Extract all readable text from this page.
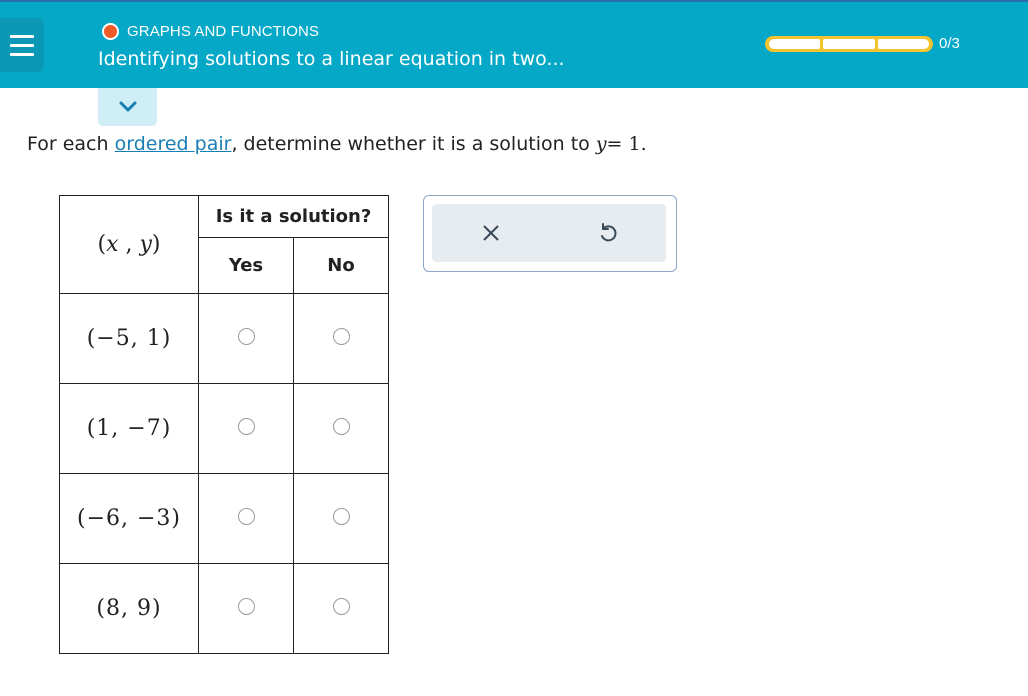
GRAPHS AND FUNCTIONS
Identifying solutions to a linear equation in two...
0/3
For each ordered pair, determine whether it is a solution to y= 1.
(x , y)	Is it a solution?	
	Yes	No
(−5, 1)		
(1, −7)		
(−6, −3)		
(8, 9)		
